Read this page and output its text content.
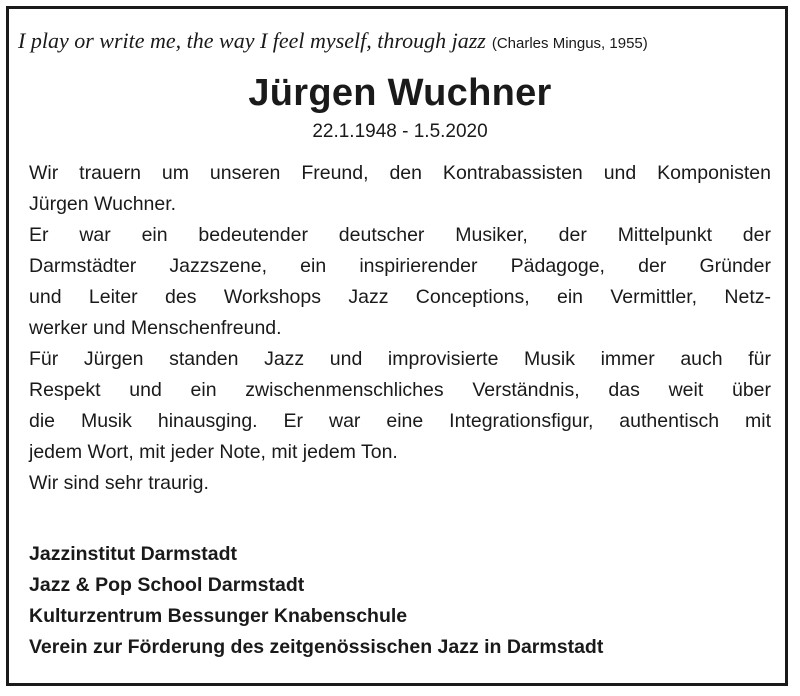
I play or write me, the way I feel myself, through jazz (Charles Mingus, 1955)
Jürgen Wuchner
22.1.1948 - 1.5.2020

Wir trauern um unseren Freund, den Kontrabassisten und Komponisten

Jürgen Wuchner.

Er war ein bedeutender deutscher Musiker, der Mittelpunkt der

Darmstädter Jazzszene, ein inspirierender Pädagoge, der Gründer

und Leiter des Workshops Jazz Conceptions, ein Vermittler, Netz-

werker und Menschenfreund.

Für Jürgen standen Jazz und improvisierte Musik immer auch für

Respekt und ein zwischenmenschliches Verständnis, das weit über

die Musik hinausging. Er war eine Integrationsfigur, authentisch mit

jedem Wort, mit jeder Note, mit jedem Ton.

Wir sind sehr traurig.

Jazzinstitut Darmstadt
Jazz & Pop School Darmstadt
Kulturzentrum Bessunger Knabenschule
Verein zur Förderung des zeitgenössischen Jazz in Darmstadt
